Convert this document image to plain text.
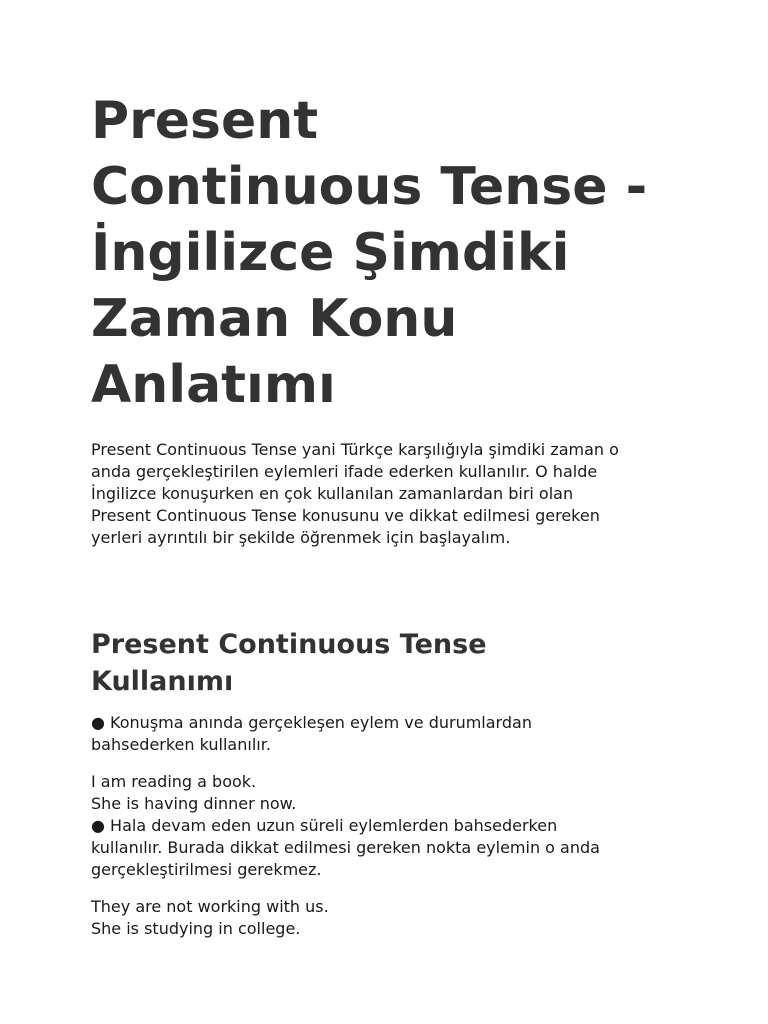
Present
Continuous Tense -
İngilizce Şimdiki
Zaman Konu
Anlatımı

Present Continuous Tense yani Türkçe karşılığıyla şimdiki zaman o
anda gerçekleştirilen eylemleri ifade ederken kullanılır. O halde
İngilizce konuşurken en çok kullanılan zamanlardan biri olan
Present Continuous Tense konusunu ve dikkat edilmesi gereken
yerleri ayrıntılı bir şekilde öğrenmek için başlayalım.

Present Continuous Tense
Kullanımı

● Konuşma anında gerçekleşen eylem ve durumlardan
bahsederken kullanılır.

I am reading a book.
She is having dinner now.
● Hala devam eden uzun süreli eylemlerden bahsederken
kullanılır. Burada dikkat edilmesi gereken nokta eylemin o anda
gerçekleştirilmesi gerekmez.

They are not working with us.
She is studying in college.
